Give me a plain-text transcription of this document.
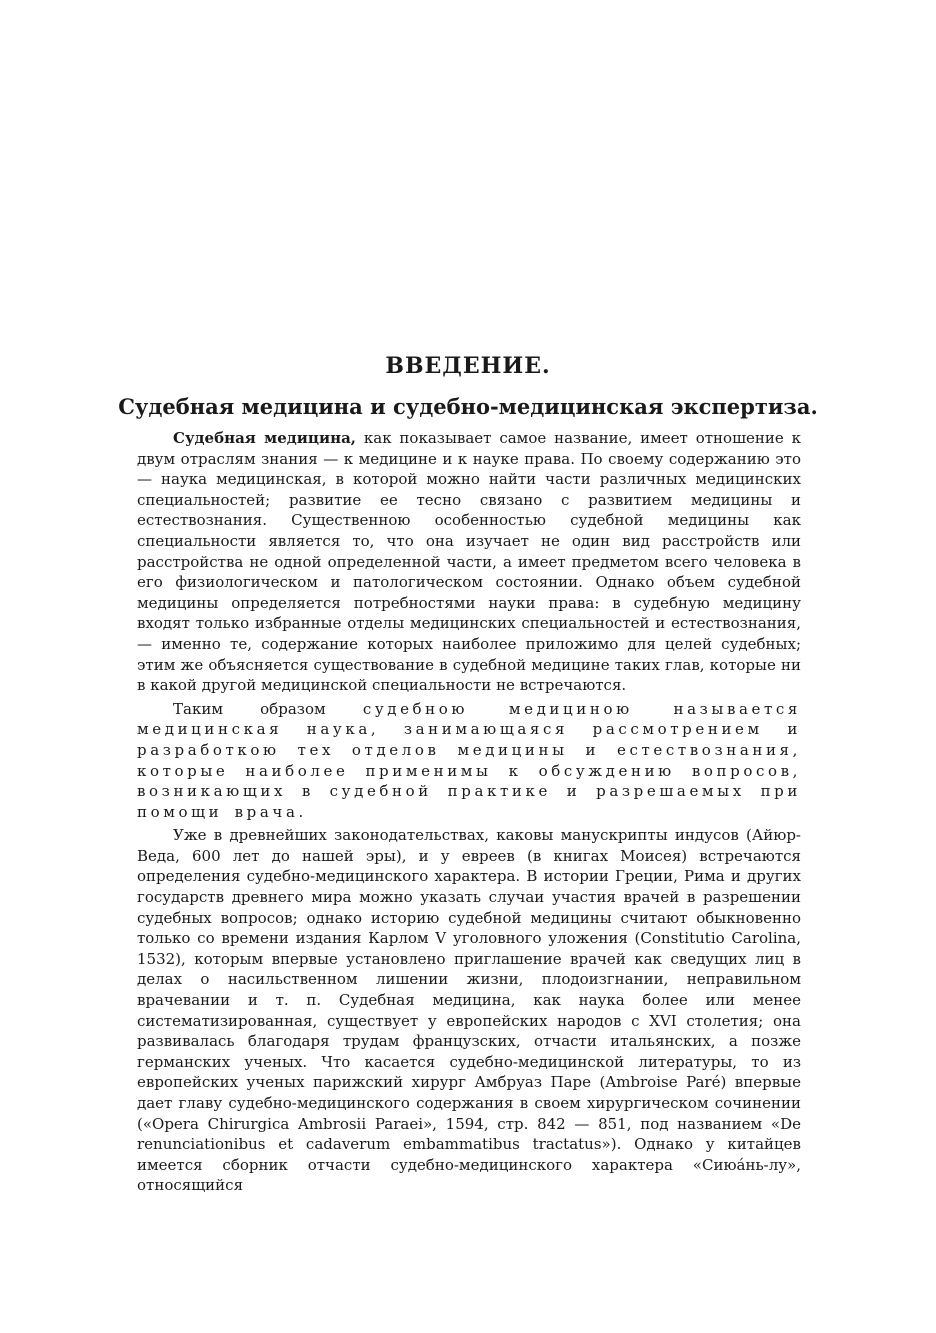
ВВЕДЕНИЕ.
Судебная медицина и судебно-медицинская экспертиза.

Судебная медицина, как показывает самое название, имеет отношение к двум отраслям знания — к медицине и к науке права. По своему содержанию это — наука медицинская, в которой можно найти части различных медицинских специальностей; развитие ее тесно связано с развитием медицины и естествознания. Существенною особенностью судебной медицины как специальности является то, что она изучает не один вид расстройств или расстройства не одной определенной части, а имеет предметом всего человека в его физиологическом и патологическом состоянии. Однако объем судебной медицины определяется потребностями науки права: в судебную медицину входят только избранные отделы медицинских специальностей и естествознания, — именно те, содержание которых наиболее приложимо для целей судебных; этим же объясняется существование в судебной медицине таких глав, которые ни в какой другой медицинской специальности не встречаются.

Таким образом судебною медициною называется медицинская наука, занимающаяся рассмотрением и разработкою тех отделов медицины и естествознания, которые наиболее применимы к обсуждению вопросов, возникающих в судебной практике и разрешаемых при помощи врача.

Уже в древнейших законодательствах, каковы манускрипты индусов (Айюр-Веда, 600 лет до нашей эры), и у евреев (в книгах Моисея) встречаются определения судебно-медицинского характера. В истории Греции, Рима и других государств древнего мира можно указать случаи участия врачей в разрешении судебных вопросов; однако историю судебной медицины считают обыкновенно только со времени издания Карлом V уголовного уложения (Constitutio Carolina, 1532), которым впервые установлено приглашение врачей как сведущих лиц в делах о насильственном лишении жизни, плодоизгнании, неправильном врачевании и т. п. Судебная медицина, как наука более или менее систематизированная, существует у европейских народов с XVI столетия; она развивалась благодаря трудам французских, отчасти итальянских, а позже германских ученых. Что касается судебно-медицинской литературы, то из европейских ученых парижский хирург Амбруаз Паре (Ambroise Paré) впервые дает главу судебно-медицинского содержания в своем хирургическом сочинении («Opera Chirurgica Ambrosii Paraei», 1594, стр. 842 — 851, под названием «De renunciationibus et cadaverum embammatibus tractatus»). Однако у китайцев имеется сборник отчасти судебно-медицинского характера «Сиюáнь-лу», относящийся
